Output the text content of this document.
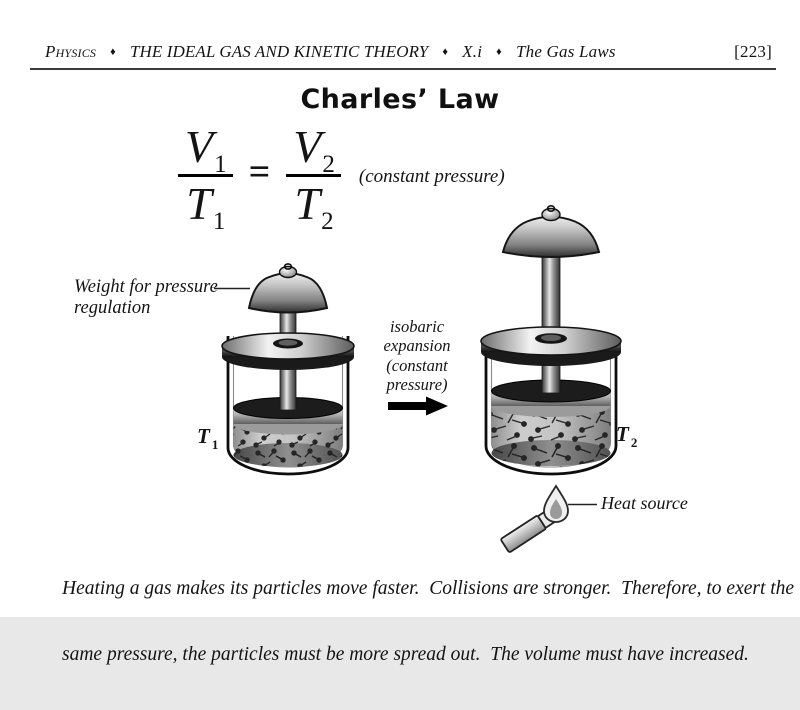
Physics ♦ THE IDEAL GAS AND KINETIC THEORY ♦ X.i ♦ The Gas Laws	[223]
Charles’ Law
$\frac{V1}{T1} = \frac{V2}{T2}$ (constant pressure)
Weight for pressure
regulation
isobaric
expansion
(constant
pressure)
T $_1$	T $_2$
Heat source

Heating a gas makes its particles move faster.  Collisions are stronger.  Therefore, to exert the

same pressure, the particles must be more spread out.  The volume must have increased.
